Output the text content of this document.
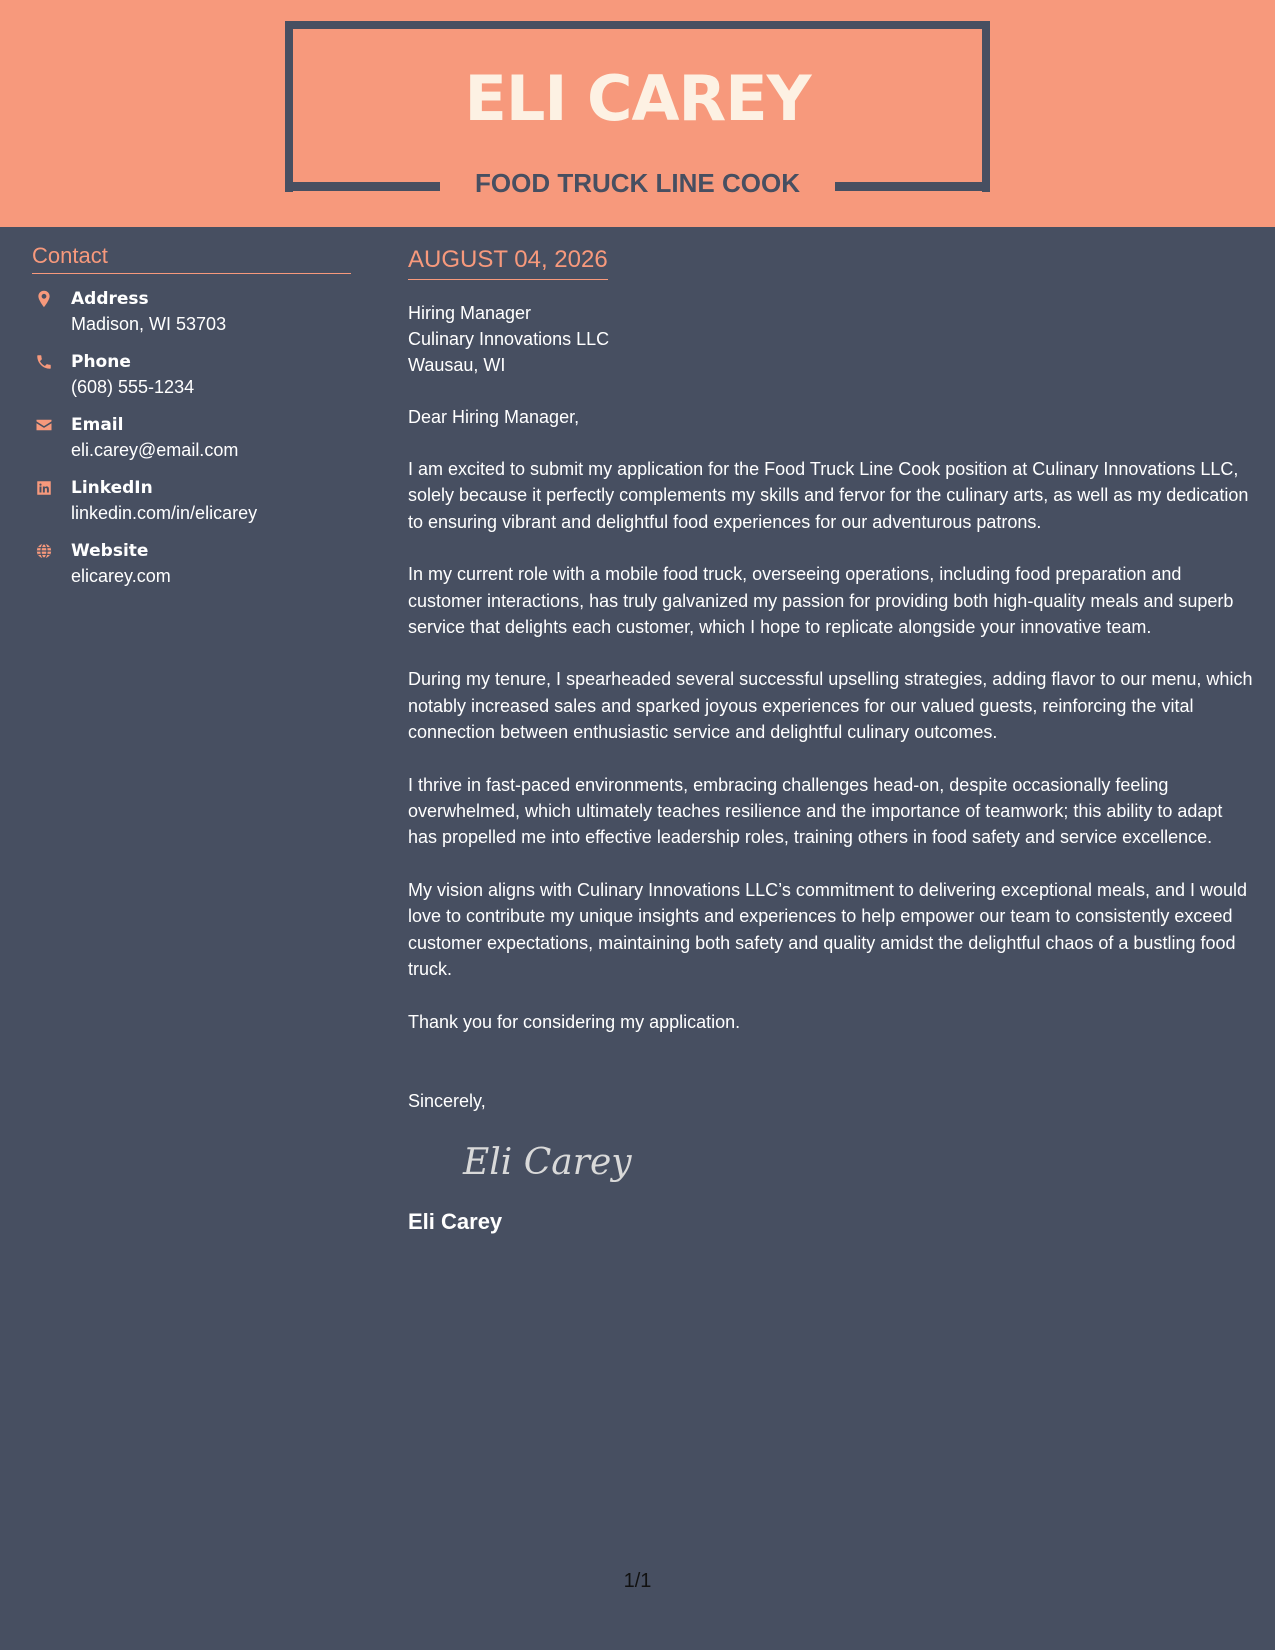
ELI CAREY
FOOD TRUCK LINE COOK
Contact
Address
Madison, WI 53703
Phone
(608) 555-1234
Email
eli.carey@email.com
LinkedIn
linkedin.com/in/elicarey
Website
elicarey.com
AUGUST 04, 2026
Hiring Manager
Culinary Innovations LLC
Wausau, WI
Dear Hiring Manager,
I am excited to submit my application for the Food Truck Line Cook position at Culinary Innovations LLC, solely because it perfectly complements my skills and fervor for the culinary arts, as well as my dedication to ensuring vibrant and delightful food experiences for our adventurous patrons.
In my current role with a mobile food truck, overseeing operations, including food preparation and customer interactions, has truly galvanized my passion for providing both high-quality meals and superb service that delights each customer, which I hope to replicate alongside your innovative team.
During my tenure, I spearheaded several successful upselling strategies, adding flavor to our menu, which notably increased sales and sparked joyous experiences for our valued guests, reinforcing the vital connection between enthusiastic service and delightful culinary outcomes.
I thrive in fast-paced environments, embracing challenges head-on, despite occasionally feeling overwhelmed, which ultimately teaches resilience and the importance of teamwork; this ability to adapt has propelled me into effective leadership roles, training others in food safety and service excellence.
My vision aligns with Culinary Innovations LLC’s commitment to delivering exceptional meals, and I would love to contribute my unique insights and experiences to help empower our team to consistently exceed customer expectations, maintaining both safety and quality amidst the delightful chaos of a bustling food truck.
Thank you for considering my application.
Sincerely,
Eli Carey
Eli Carey
1/1
